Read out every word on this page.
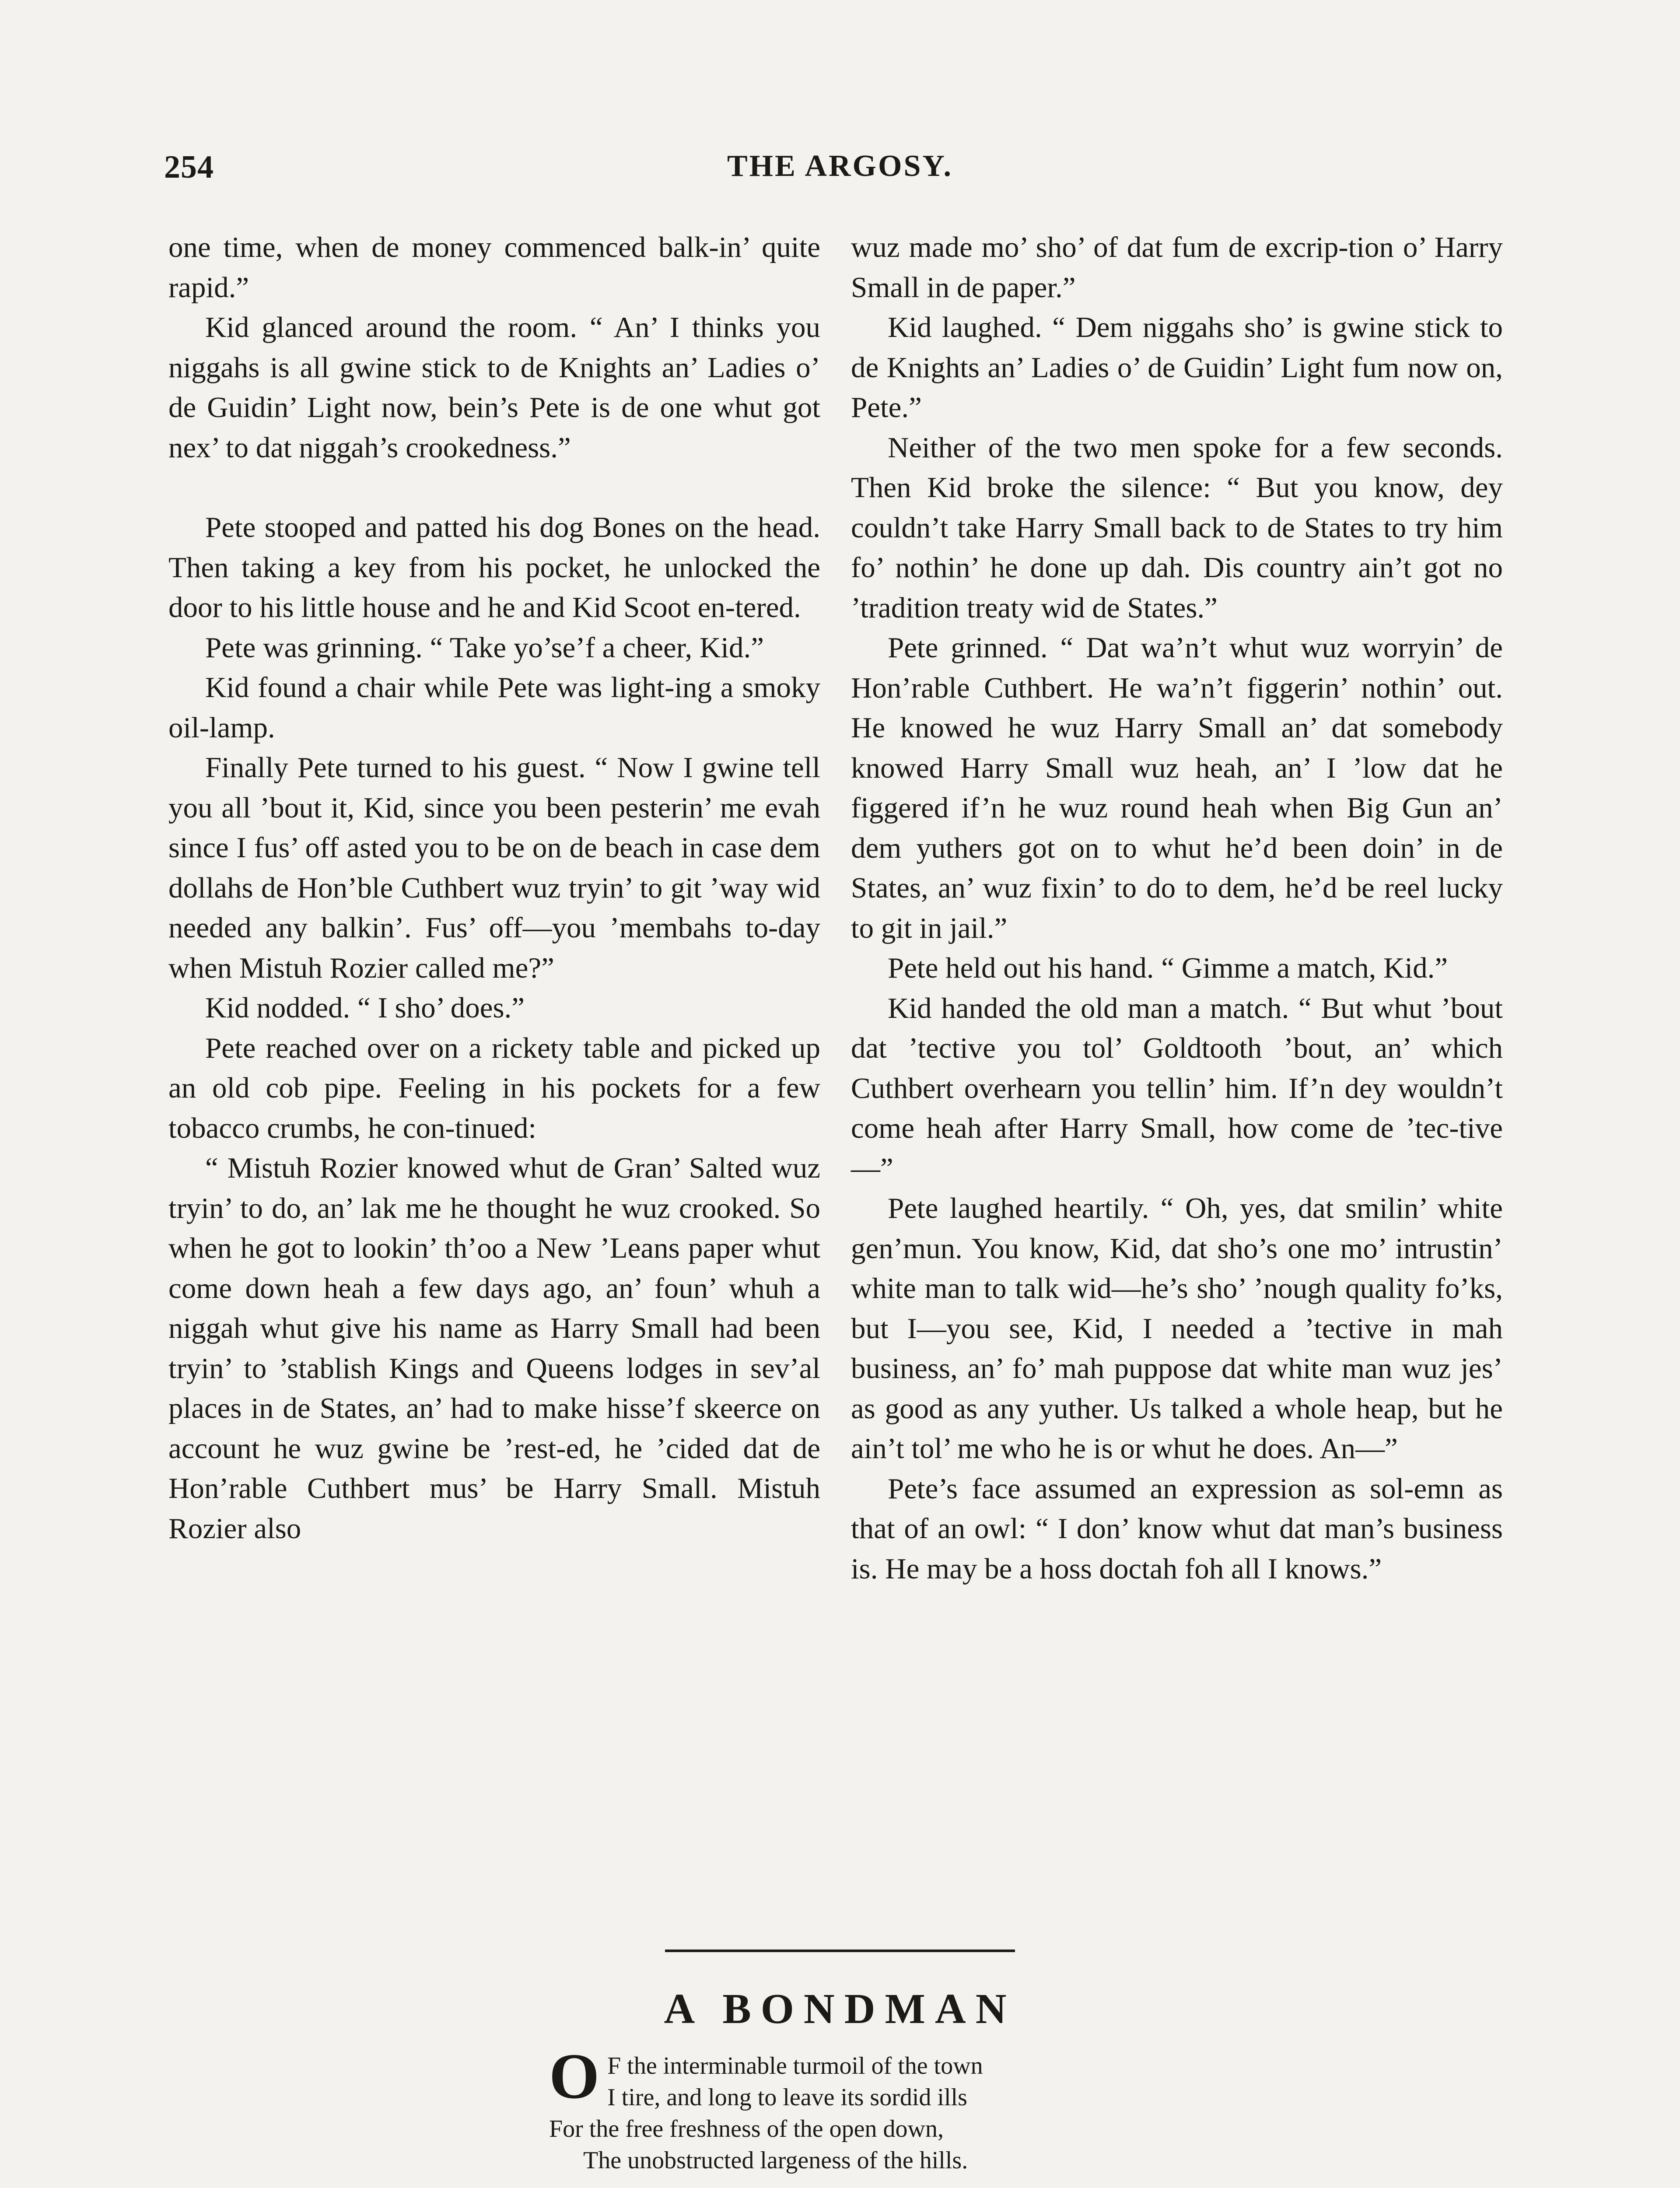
254	THE ARGOSY.

one time, when de money commenced balk-in’ quite rapid.”

Kid glanced around the room. “ An’ I thinks you niggahs is all gwine stick to de Knights an’ Ladies o’ de Guidin’ Light now, bein’s Pete is de one whut got nex’ to dat niggah’s crookedness.”

Pete stooped and patted his dog Bones on the head. Then taking a key from his pocket, he unlocked the door to his little house and he and Kid Scoot en-tered.

Pete was grinning. “ Take yo’se’f a cheer, Kid.”

Kid found a chair while Pete was light-ing a smoky oil-lamp.

Finally Pete turned to his guest. “ Now I gwine tell you all ’bout it, Kid, since you been pesterin’ me evah since I fus’ off asted you to be on de beach in case dem dollahs de Hon’ble Cuthbert wuz tryin’ to git ’way wid needed any balkin’. Fus’ off—you ’membahs to-day when Mistuh Rozier called me?”

Kid nodded. “ I sho’ does.”

Pete reached over on a rickety table and picked up an old cob pipe. Feeling in his pockets for a few tobacco crumbs, he con-tinued:

“ Mistuh Rozier knowed whut de Gran’ Salted wuz tryin’ to do, an’ lak me he thought he wuz crooked. So when he got to lookin’ th’oo a New ’Leans paper whut come down heah a few days ago, an’ foun’ whuh a niggah whut give his name as Harry Small had been tryin’ to ’stablish Kings and Queens lodges in sev’al places in de States, an’ had to make hisse’f skeerce on account he wuz gwine be ’rest-ed, he ’cided dat de Hon’rable Cuthbert mus’ be Harry Small. Mistuh Rozier also

wuz made mo’ sho’ of dat fum de excrip-tion o’ Harry Small in de paper.”

Kid laughed. “ Dem niggahs sho’ is gwine stick to de Knights an’ Ladies o’ de Guidin’ Light fum now on, Pete.”

Neither of the two men spoke for a few seconds. Then Kid broke the silence: “ But you know, dey couldn’t take Harry Small back to de States to try him fo’ nothin’ he done up dah. Dis country ain’t got no ’tradition treaty wid de States.”

Pete grinned. “ Dat wa’n’t whut wuz worryin’ de Hon’rable Cuthbert. He wa’n’t figgerin’ nothin’ out. He knowed he wuz Harry Small an’ dat somebody knowed Harry Small wuz heah, an’ I ’low dat he figgered if’n he wuz round heah when Big Gun an’ dem yuthers got on to whut he’d been doin’ in de States, an’ wuz fixin’ to do to dem, he’d be reel lucky to git in jail.”

Pete held out his hand. “ Gimme a match, Kid.”

Kid handed the old man a match. “ But whut ’bout dat ’tective you tol’ Goldtooth ’bout, an’ which Cuthbert overhearn you tellin’ him. If’n dey wouldn’t come heah after Harry Small, how come de ’tec-tive—”

Pete laughed heartily. “ Oh, yes, dat smilin’ white gen’mun. You know, Kid, dat sho’s one mo’ intrustin’ white man to talk wid—he’s sho’ ’nough quality fo’ks, but I—you see, Kid, I needed a ’tective in mah business, an’ fo’ mah puppose dat white man wuz jes’ as good as any yuther. Us talked a whole heap, but he ain’t tol’ me who he is or whut he does. An—”

Pete’s face assumed an expression as sol-emn as that of an owl: “ I don’ know whut dat man’s business is. He may be a hoss doctah foh all I knows.”

A BONDMAN
O F the interminable turmoil of the town
I tire, and long to leave its sordid ills
For the free freshness of the open down,
The unobstructed largeness of the hills.
